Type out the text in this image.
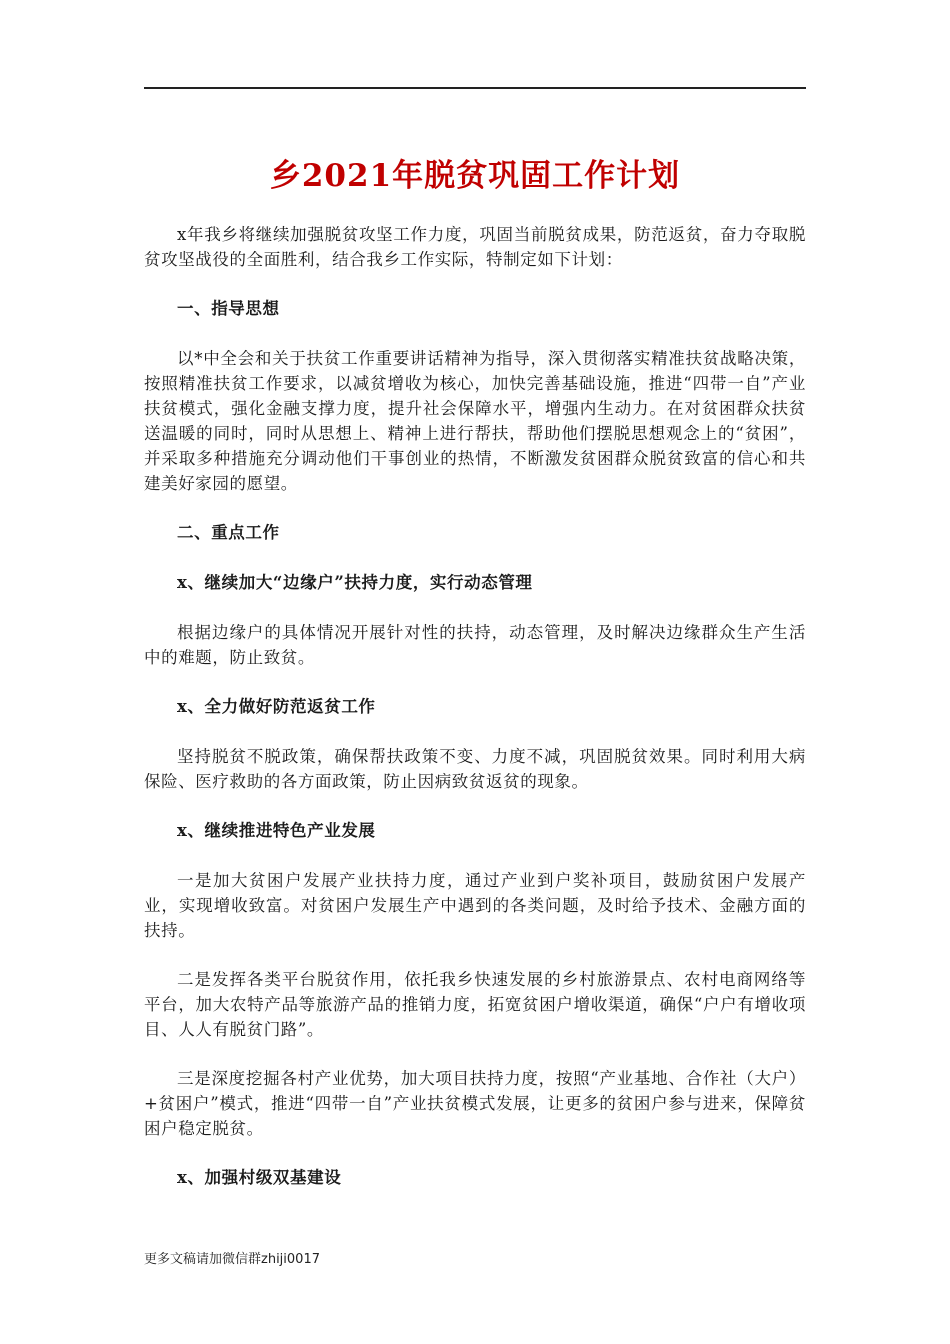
乡2021年脱贫巩固工作计划

x年我乡将继续加强脱贫攻坚工作力度，巩固当前脱贫成果，防范返贫，奋力夺取脱贫攻坚战役的全面胜利，结合我乡工作实际，特制定如下计划：

一、指导思想

以*中全会和关于扶贫工作重要讲话精神为指导，深入贯彻落实精准扶贫战略决策，按照精准扶贫工作要求，以减贫增收为核心，加快完善基础设施，推进“四带一自”产业扶贫模式，强化金融支撑力度，提升社会保障水平，增强内生动力。在对贫困群众扶贫送温暖的同时，同时从思想上、精神上进行帮扶，帮助他们摆脱思想观念上的“贫困”，并采取多种措施充分调动他们干事创业的热情，不断激发贫困群众脱贫致富的信心和共建美好家园的愿望。

二、重点工作

x、继续加大“边缘户”扶持力度，实行动态管理

根据边缘户的具体情况开展针对性的扶持，动态管理，及时解决边缘群众生产生活中的难题，防止致贫。

x、全力做好防范返贫工作

坚持脱贫不脱政策，确保帮扶政策不变、力度不减，巩固脱贫效果。同时利用大病保险、医疗救助的各方面政策，防止因病致贫返贫的现象。

x、继续推进特色产业发展

一是加大贫困户发展产业扶持力度，通过产业到户奖补项目，鼓励贫困户发展产业，实现增收致富。对贫困户发展生产中遇到的各类问题，及时给予技术、金融方面的扶持。

二是发挥各类平台脱贫作用，依托我乡快速发展的乡村旅游景点、农村电商网络等平台，加大农特产品等旅游产品的推销力度，拓宽贫困户增收渠道，确保“户户有增收项目、人人有脱贫门路”。

三是深度挖掘各村产业优势，加大项目扶持力度，按照“产业基地、合作社（大户）+贫困户”模式，推进“四带一自”产业扶贫模式发展，让更多的贫困户参与进来，保障贫困户稳定脱贫。

x、加强村级双基建设

更多文稿请加微信群zhiji0017
